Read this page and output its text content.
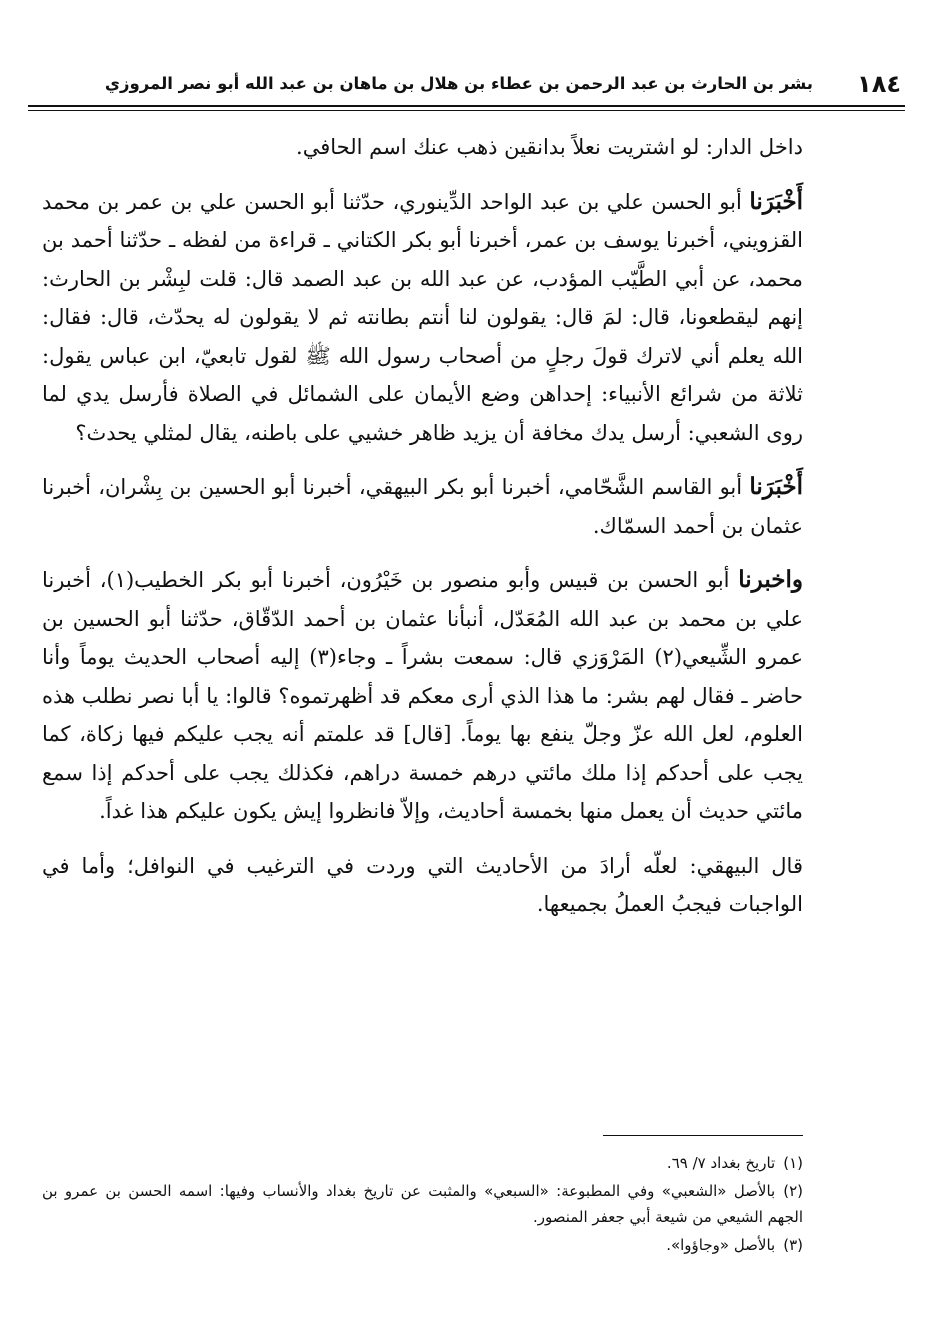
١٨٤
بشر بن الحارث بن عبد الرحمن بن عطاء بن هلال بن ماهان بن عبد الله أبو نصر المروزي

داخل الدار: لو اشتريت نعلاً بدانقين ذهب عنك اسم الحافي.

أَخْبَرَنا أبو الحسن علي بن عبد الواحد الدِّينوري، حدّثنا أبو الحسن علي بن عمر بن محمد القزويني، أخبرنا يوسف بن عمر، أخبرنا أبو بكر الكتاني ـ قراءة من لفظه ـ حدّثنا أحمد بن محمد، عن أبي الطَّيّب المؤدب، عن عبد الله بن عبد الصمد قال: قلت لبِشْر بن الحارث: إنهم ليقطعونا، قال: لمَ قال: يقولون لنا أنتم بطانته ثم لا يقولون له يحدّث، قال: فقال: الله يعلم أني لاترك قولَ رجلٍ من أصحاب رسول الله ﷺ لقول تابعيّ، ابن عباس يقول: ثلاثة من شرائع الأنبياء: إحداهن وضع الأيمان على الشمائل في الصلاة فأرسل يدي لما روى الشعبي: أرسل يدك مخافة أن يزيد ظاهر خشيي على باطنه، يقال لمثلي يحدث؟

أَخْبَرَنا أبو القاسم الشَّحّامي، أخبرنا أبو بكر البيهقي، أخبرنا أبو الحسين بن بِشْران، أخبرنا عثمان بن أحمد السمّاك.

واخبرنا أبو الحسن بن قبيس وأبو منصور بن خَيْرُون، أخبرنا أبو بكر الخطيب(١)، أخبرنا علي بن محمد بن عبد الله المُعَدّل، أنبأنا عثمان بن أحمد الدّقّاق، حدّثنا أبو الحسين بن عمرو الشِّيعي(٢) المَرْوَزي قال: سمعت بشراً ـ وجاء(٣) إليه أصحاب الحديث يوماً وأنا حاضر ـ فقال لهم بشر: ما هذا الذي أرى معكم قد أظهرتموه؟ قالوا: يا أبا نصر نطلب هذه العلوم، لعل الله عزّ وجلّ ينفع بها يوماً. [قال] قد علمتم أنه يجب عليكم فيها زكاة، كما يجب على أحدكم إذا ملك مائتي درهم خمسة دراهم، فكذلك يجب على أحدكم إذا سمع مائتي حديث أن يعمل منها بخمسة أحاديث، وإلاّ فانظروا إيش يكون عليكم هذا غداً.

قال البيهقي: لعلّه أرادَ من الأحاديث التي وردت في الترغيب في النوافل؛ وأما في الواجبات فيجبُ العملُ بجميعها.

(١)تاريخ بغداد ٧/ ٦٩.
(٢)بالأصل «الشعبي» وفي المطبوعة: «السبعي» والمثبت عن تاريخ بغداد والأنساب وفيها: اسمه الحسن بن عمرو بن الجهم الشيعي من شيعة أبي جعفر المنصور.
(٣)بالأصل «وجاؤوا».
